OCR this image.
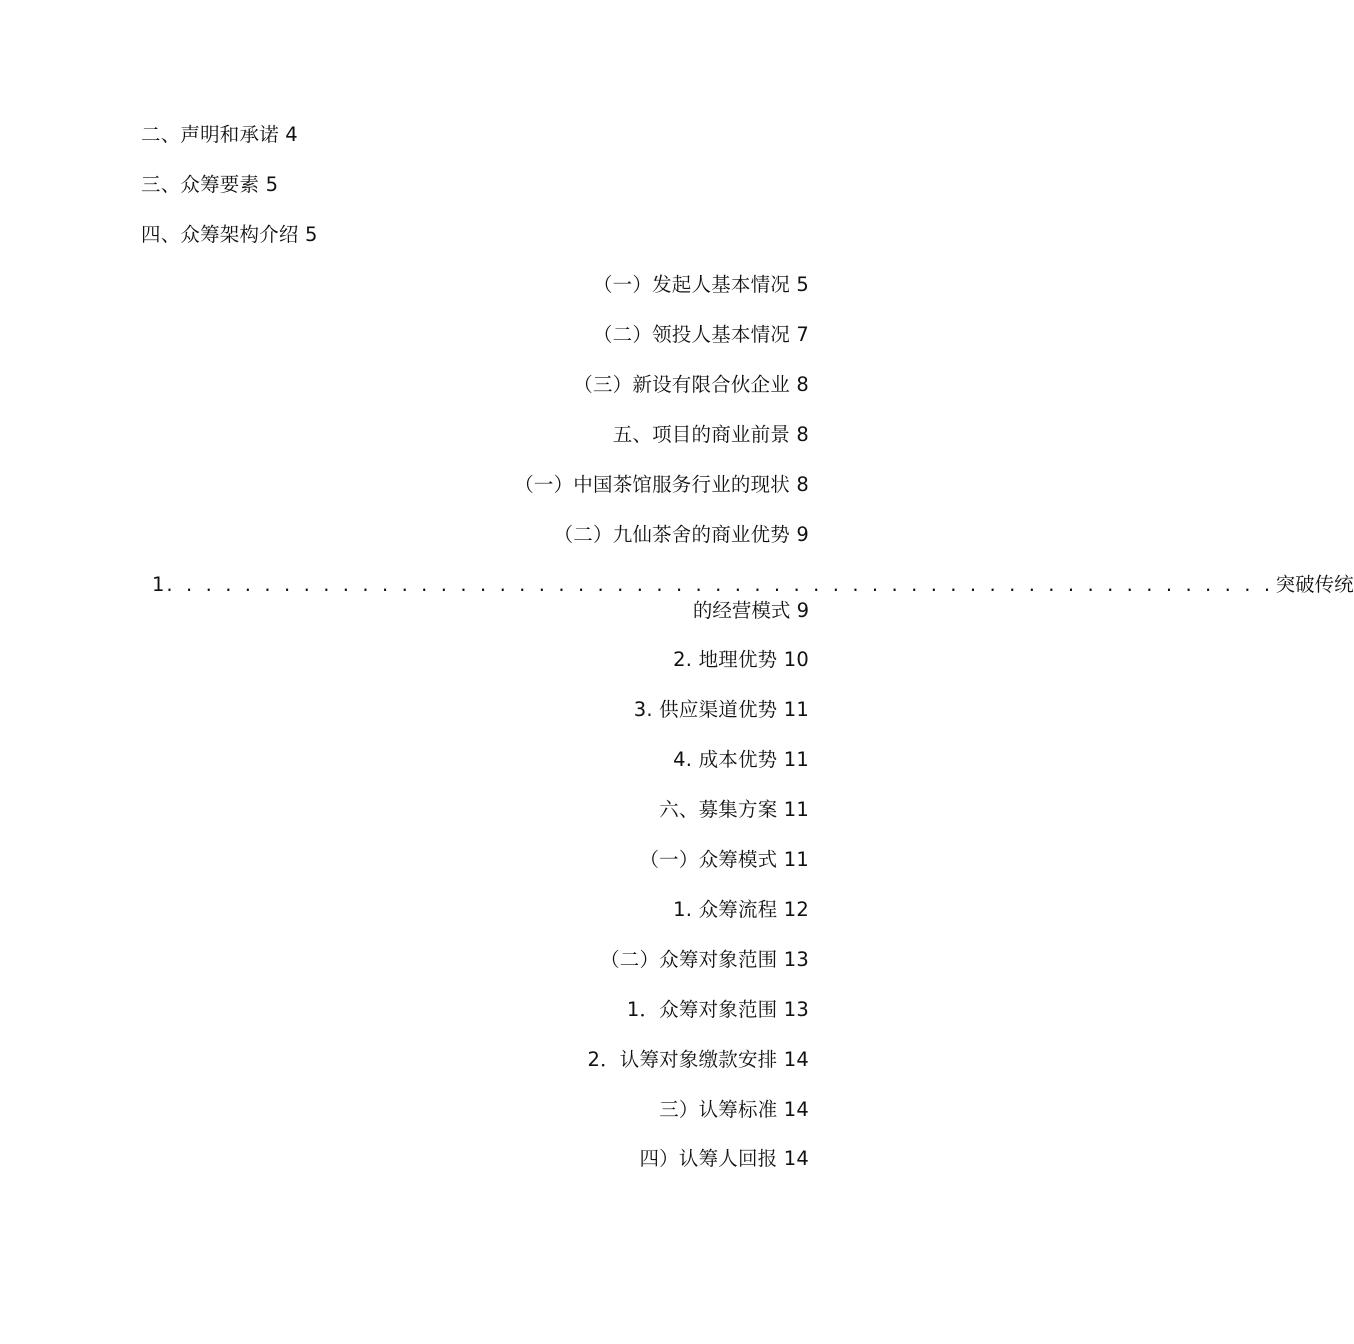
二、声明和承诺 4
三、众筹要素 5
四、众筹架构介绍 5
（一）发起人基本情况 5
（二）领投人基本情况 7
（三）新设有限合伙企业 8
五、项目的商业前景 8
（一）中国茶馆服务行业的现状 8
（二）九仙茶舍的商业优势 9
1 . . . . . . . . . . . . . . . . . . . . . . . . . . . . . . . . . . . . . . . . . . . . . . . . . . . . . . . . . 突破传统
的经营模式 9
2. 地理优势 10
3. 供应渠道优势 11
4. 成本优势 11
六、募集方案 11
（一）众筹模式 11
1. 众筹流程 12
（二）众筹对象范围 13
1．众筹对象范围 13
2．认筹对象缴款安排 14
三）认筹标准 14
四）认筹人回报 14
